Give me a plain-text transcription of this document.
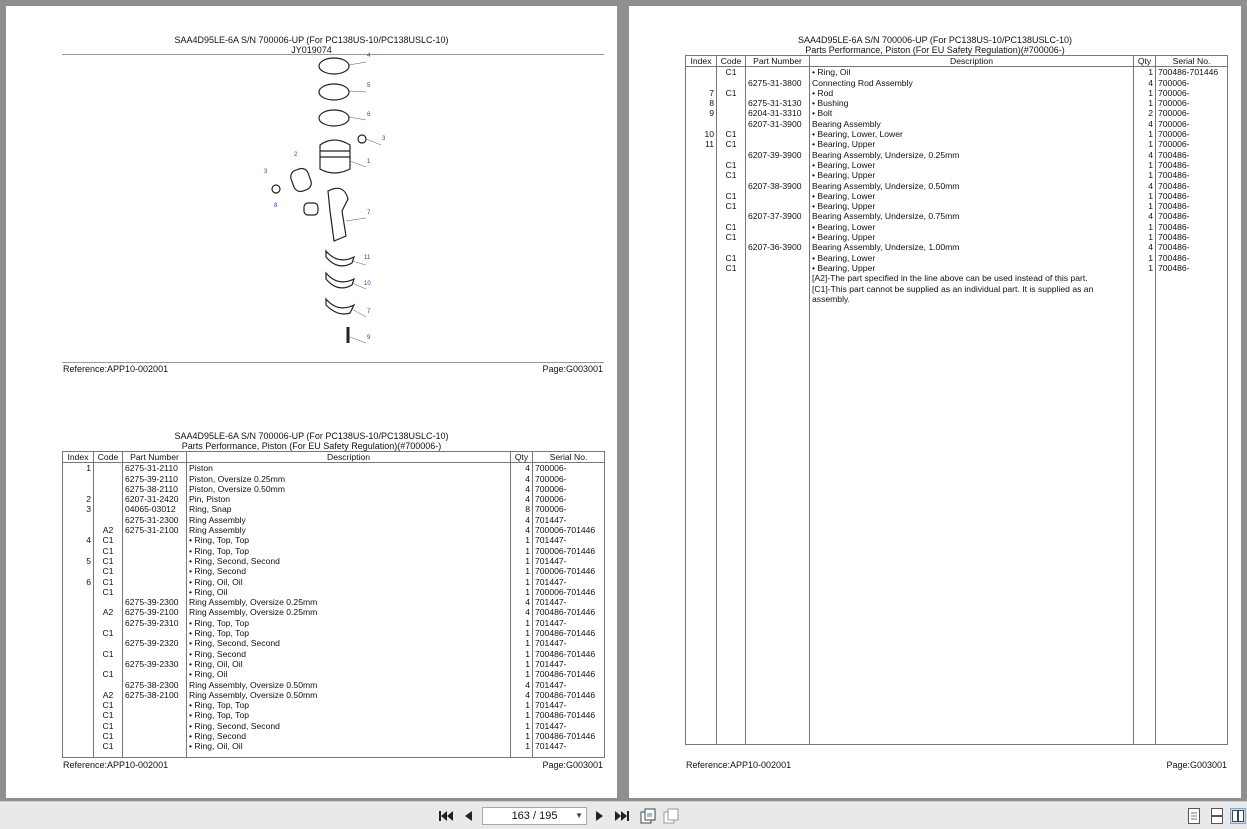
SAA4D95LE-6A S/N 700006-UP (For PC138US-10/PC138USLC-10)
JY019074
4
5
6
3
2
1
3
8
7
11
10
7
9
Reference:APP10-002001	Page:G003001
SAA4D95LE-6A S/N 700006-UP (For PC138US-10/PC138USLC-10)
Parts Performance, Piston (For EU Safety Regulation)(#700006-)
Index	Code	Part Number	Description	Qty	Serial No.
1		6275-31-2110	Piston	4	700006-
		6275-39-2110	Piston, Oversize 0.25mm	4	700006-
		6275-38-2110	Piston, Oversize 0.50mm	4	700006-
2		6207-31-2420	Pin, Piston	4	700006-
3		04065-03012	Ring, Snap	8	700006-
		6275-31-2300	Ring Assembly	4	701447-
	A2	6275-31-2100	Ring Assembly	4	700006-701446
4	C1		• Ring, Top, Top	1	701447-
	C1		• Ring, Top, Top	1	700006-701446
5	C1		• Ring, Second, Second	1	701447-
	C1		• Ring, Second	1	700006-701446
6	C1		• Ring, Oil, Oil	1	701447-
	C1		• Ring, Oil	1	700006-701446
		6275-39-2300	Ring Assembly, Oversize 0.25mm	4	701447-
	A2	6275-39-2100	Ring Assembly, Oversize 0.25mm	4	700486-701446
		6275-39-2310	• Ring, Top, Top	1	701447-
	C1		• Ring, Top, Top	1	700486-701446
		6275-39-2320	• Ring, Second, Second	1	701447-
	C1		• Ring, Second	1	700486-701446
		6275-39-2330	• Ring, Oil, Oil	1	701447-
	C1		• Ring, Oil	1	700486-701446
		6275-38-2300	Ring Assembly, Oversize 0.50mm	4	701447-
	A2	6275-38-2100	Ring Assembly, Oversize 0.50mm	4	700486-701446
	C1		• Ring, Top, Top	1	701447-
	C1		• Ring, Top, Top	1	700486-701446
	C1		• Ring, Second, Second	1	701447-
	C1		• Ring, Second	1	700486-701446
	C1		• Ring, Oil, Oil	1	701447-

Reference:APP10-002001	Page:G003001
SAA4D95LE-6A S/N 700006-UP (For PC138US-10/PC138USLC-10)
Parts Performance, Piston (For EU Safety Regulation)(#700006-)
Index	Code	Part Number	Description	Qty	Serial No.
	C1		• Ring, Oil	1	700486-701446
		6275-31-3800	Connecting Rod Assembly	4	700006-
7	C1		• Rod	1	700006-
8		6275-31-3130	• Bushing	1	700006-
9		6204-31-3310	• Bolt	2	700006-
		6207-31-3900	Bearing Assembly	4	700006-
10	C1		• Bearing, Lower, Lower	1	700006-
11	C1		• Bearing, Upper	1	700006-
		6207-39-3900	Bearing Assembly, Undersize, 0.25mm	4	700486-
	C1		• Bearing, Lower	1	700486-
	C1		• Bearing, Upper	1	700486-
		6207-38-3900	Bearing Assembly, Undersize, 0.50mm	4	700486-
	C1		• Bearing, Lower	1	700486-
	C1		• Bearing, Upper	1	700486-
		6207-37-3900	Bearing Assembly, Undersize, 0.75mm	4	700486-
	C1		• Bearing, Lower	1	700486-
	C1		• Bearing, Upper	1	700486-
		6207-36-3900	Bearing Assembly, Undersize, 1.00mm	4	700486-
	C1		• Bearing, Lower	1	700486-
	C1		• Bearing, Upper	1	700486-
			[A2]-The part specified in the line above can be used instead of this part.		
			[C1]-This part cannot be supplied as an individual part. It is supplied as an assembly.		

Reference:APP10-002001	Page:G003001
163 / 195 ▼
